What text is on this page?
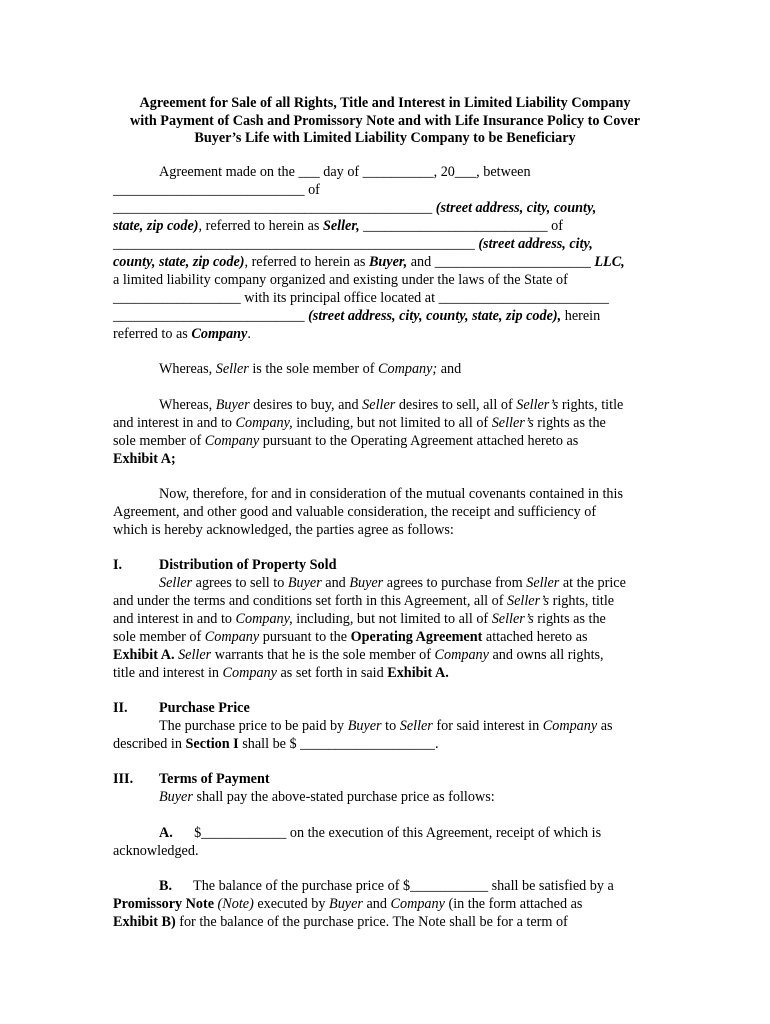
Agreement for Sale of all Rights, Title and Interest in Limited Liability Company
with Payment of Cash and Promissory Note and with Life Insurance Policy to Cover
Buyer’s Life with Limited Liability Company to be Beneficiary
Agreement made on the ___ day of __________, 20___, between
___________________________ of
_____________________________________________ (street address, city, county,
state, zip code), referred to herein as Seller, __________________________ of
___________________________________________________ (street address, city,
county, state, zip code), referred to herein as Buyer, and ______________________ LLC,
a limited liability company organized and existing under the laws of the State of
__________________ with its principal office located at ________________________
___________________________ (street address, city, county, state, zip code), herein
referred to as Company.
Whereas, Seller is the sole member of Company; and
Whereas, Buyer desires to buy, and Seller desires to sell, all of Seller’s rights, title
and interest in and to Company, including, but not limited to all of Seller’s rights as the
sole member of Company pursuant to the Operating Agreement attached hereto as
Exhibit A;
Now, therefore, for and in consideration of the mutual covenants contained in this
Agreement, and other good and valuable consideration, the receipt and sufficiency of
which is hereby acknowledged, the parties agree as follows:
I.	Distribution of Property Sold
Seller agrees to sell to Buyer and Buyer agrees to purchase from Seller at the price
and under the terms and conditions set forth in this Agreement, all of Seller’s rights, title
and interest in and to Company, including, but not limited to all of Seller’s rights as the
sole member of Company pursuant to the Operating Agreement attached hereto as
Exhibit A. Seller warrants that he is the sole member of Company and owns all rights,
title and interest in Company as set forth in said Exhibit A.
II. Purchase Price
The purchase price to be paid by Buyer to Seller for said interest in Company as
described in Section I shall be $ ___________________.
III. Terms of Payment
Buyer shall pay the above-stated purchase price as follows:
A.      $____________ on the execution of this Agreement, receipt of which is
acknowledged.
B.      The balance of the purchase price of $___________ shall be satisfied by a
Promissory Note (Note) executed by Buyer and Company (in the form attached as
Exhibit B) for the balance of the purchase price. The Note shall be for a term of
